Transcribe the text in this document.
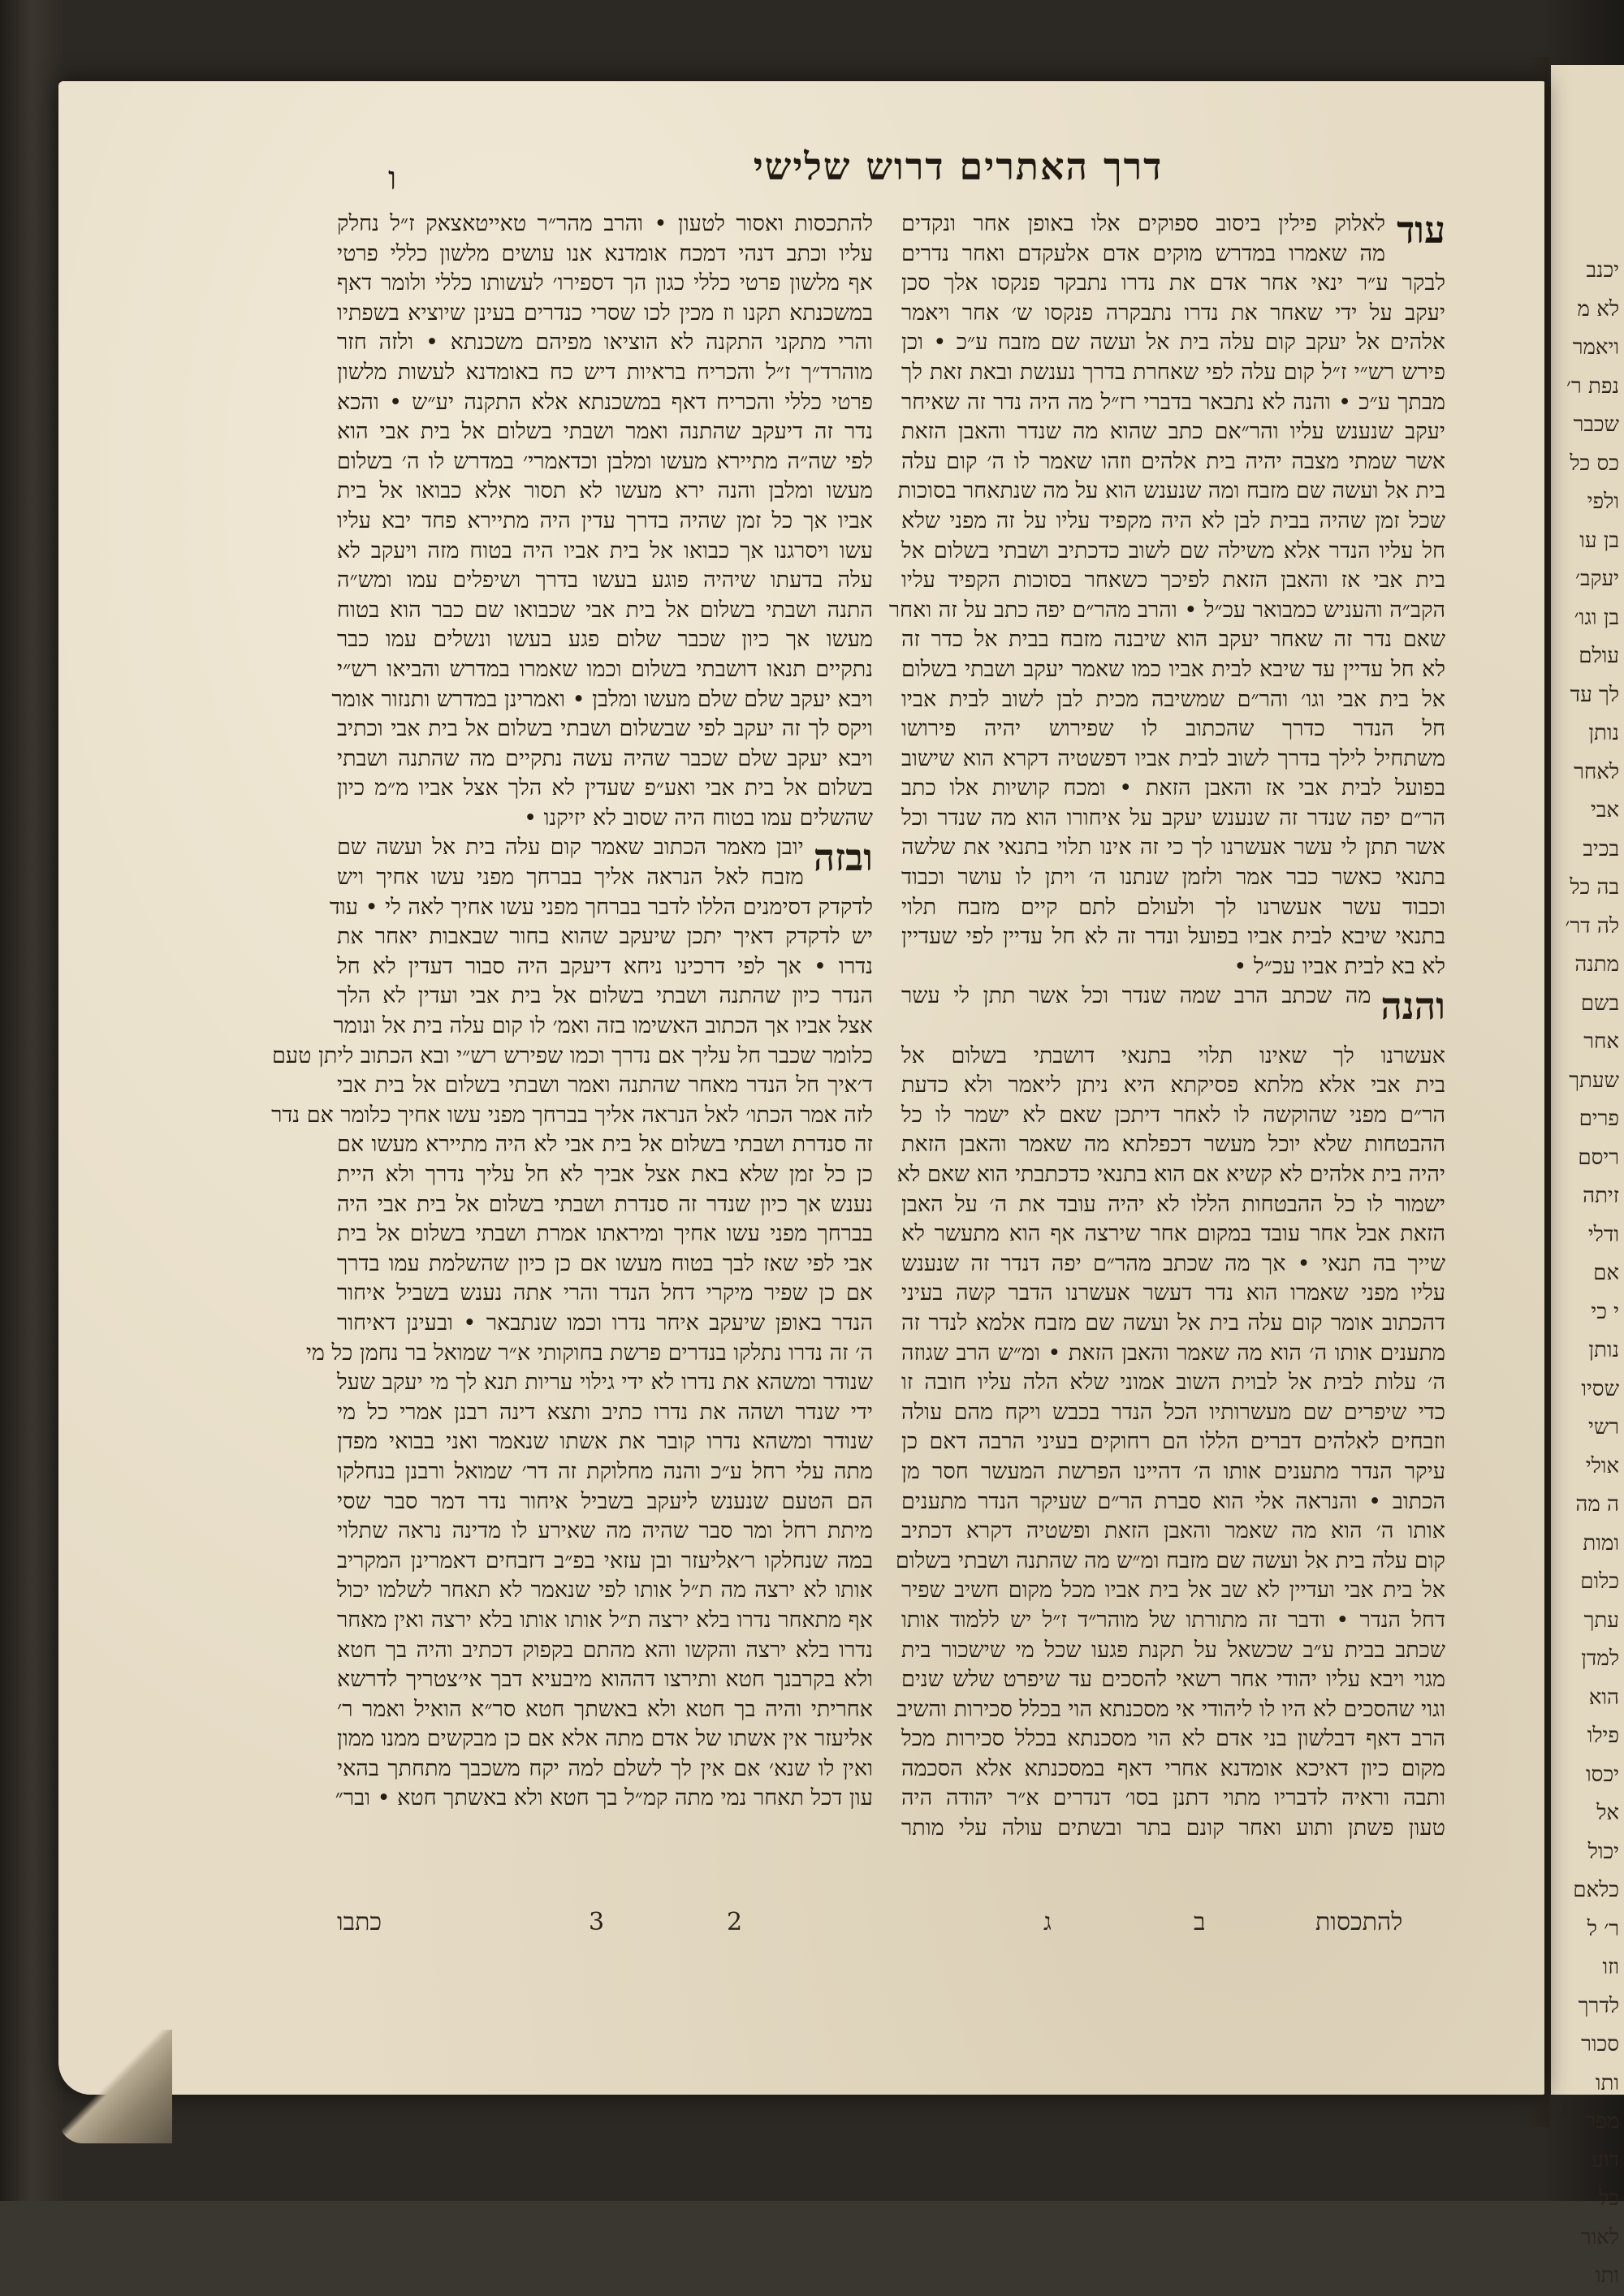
יכנב
לא מ
ויאמר
נפת ר׳
שכבר
כס כל
ולפי
בן עו
יעקב׳
בן וגו׳
עולם
לך עד
נותן
לאחר
אבי
בכיב
בה כל
לה דר׳
מתנה
בשם
אחר
שעתך
פרים
ריסם
זיתה
ודלי
אם
י כי
נותן
שסיו
רשי
אולי
ה מה
ומות
כלום
עתך
למדן
הוא
פילו
יכסו
אל
יכול
כלאם
ר׳ ל
וזו
לדרך
סכור
ותו
מפר
דוע
כל
לאור
ותו
דרך האתרים דרוש שלישי
ו
עוד
לאלוק פילין ביסוב ספוקים אלו באופן אחר ונקדים
מה שאמרו במדרש מוקים אדם אלעקדם ואחר נדרים
לבקר ע״ר ינאי אחר אדם את נדרו נתבקר פנקסו אלך סכן
יעקב על ידי שאחר את נדרו נתבקרה פנקסו ש׳ אחר ויאמר
אלהים אל יעקב קום עלה בית אל ועשה שם מזבח ע״כ • וכן
פירש רש״י ז״ל קום עלה לפי שאחרת בדרך נענשת ובאת זאת לך
מבתך ע״כ • והנה לא נתבאר בדברי רז״ל מה היה נדר זה שאיחר
יעקב שנענש עליו והר״אם כתב שהוא מה שנדר והאבן הזאת
אשר שמתי מצבה יהיה בית אלהים וזהו שאמר לו ה׳ קום עלה
בית אל ועשה שם מזבח ומה שנענש הוא על מה שנתאחר בסוכות
שכל זמן שהיה בבית לבן לא היה מקפיד עליו על זה מפני שלא
חל עליו הנדר אלא משילה שם לשוב כדכתיב ושבתי בשלום אל
בית אבי אז והאבן הזאת לפיכך כשאחר בסוכות הקפיד עליו
הקב״ה והעניש כמבואר עכ״ל • והרב מהר״ם יפה כתב על זה ואחר
שאם נדר זה שאחר יעקב הוא שיבנה מזבח בבית אל כדר זה
לא חל עדיין עד שיבא לבית אביו כמו שאמר יעקב ושבתי בשלום
אל בית אבי וגו׳ והר״ם שמשיבה מכית לבן לשוב לבית אביו
חל הנדר כדרך שהכתוב לו שפירוש יהיה פירושו
משתחיל לילך בדרך לשוב לבית אביו דפשטיה דקרא הוא שישוב
בפועל לבית אבי אז והאבן הזאת • ומכח קושיות אלו כתב
הר״ם יפה שנדר זה שנענש יעקב על איחורו הוא מה שנדר וכל
אשר תתן לי עשר אעשרנו לך כי זה אינו תלוי בתנאי את שלשה
בתנאי כאשר כבר אמר ולזמן שנתנו ה׳ ויתן לו עושר וכבוד
וכבוד עשר אעשרנו לך ולעולם לתם קיים מזבח תלוי
בתנאי שיבא לבית אביו בפועל ונדר זה לא חל עדיין לפי שעדיין
לא בא לבית אביו עכ״ל •
והנה
מה שכתב הרב שמה שנדר וכל אשר תתן לי עשר
אעשרנו לך שאינו תלוי בתנאי דושבתי בשלום אל
בית אבי אלא מלתא פסיקתא היא ניתן ליאמר ולא כדעת
הר״ם מפני שהוקשה לו לאחר דיתכן שאם לא ישמר לו כל
ההבטחות שלא יוכל מעשר דכפלתא מה שאמר והאבן הזאת
יהיה בית אלהים לא קשיא אם הוא בתנאי כדכתבתי הוא שאם לא
ישמור לו כל ההבטחות הללו לא יהיה עובד את ה׳ על האבן
הזאת אבל אחר עובד במקום אחר שירצה אף הוא מתעשר לא
שייך בה תנאי • אך מה שכתב מהר״ם יפה דנדר זה שנענש
עליו מפני שאמרו הוא נדר דעשר אעשרנו הדבר קשה בעיני
דהכתוב אומר קום עלה בית אל ועשה שם מזבח אלמא לנדר זה
מתענים אותו ה׳ הוא מה שאמר והאבן הזאת • ומ״ש הרב שגוזה
ה׳ עלות לבית אל לבוית השוב אמוני שלא הלה עליו חובה זו
כדי שיפרים שם מעשרותיו הכל הנדר בכבש ויקח מהם עולה
וזבחים לאלהים דברים הללו הם רחוקים בעיני הרבה דאם כן
עיקר הנדר מתענים אותו ה׳ דהיינו הפרשת המעשר חסר מן
הכתוב • והנראה אלי הוא סברת הר״ם שעיקר הנדר מתענים
אותו ה׳ הוא מה שאמר והאבן הזאת ופשטיה דקרא דכתיב
קום עלה בית אל ועשה שם מזבח ומ״ש מה שהתנה ושבתי בשלום
אל בית אבי ועדיין לא שב אל בית אביו מכל מקום חשיב שפיר
דחל הנדר • ודבר זה מתורתו של מוהר״ד ז״ל יש ללמוד אותו
שכתב בבית ע״ב שכשאל על תקנת פגעו שכל מי שישכור בית
מגוי ויבא עליו יהודי אחר רשאי להסכים עד שיפרט שלש שנים
וגוי שהסכים לא היו לו ליהודי אי מסכנתא הוי בכלל סכירות והשיב
הרב דאף דבלשון בני אדם לא הוי מסכנתא בכלל סכירות מכל
מקום כיון דאיכא אומדנא אחרי דאף במסכנתא אלא הסכמה
ותבה וראיה לדבריו מתוי דתנן בסו׳ דנדרים א״ר יהודה היה
טעון פשתן ותוע ואחר קונם בתר ובשתים עולה עלי מותר
להתכסות ואסור לטעון • והרב מהר״ר טאייטאצאק ז״ל נחלק
עליו וכתב דנהי דמכח אומדנא אנו עושים מלשון כללי פרטי
אף מלשון פרטי כללי כגון הך דספירו׳ לעשותו כללי ולומר דאף
במשכנתא תקנו וז מכין לכו שסרי כנדרים בעינן שיוציא בשפתיו
והרי מתקני התקנה לא הוציאו מפיהם משכנתא • ולזה חזר
מוהרד״ך ז״ל והכריח בראיות דיש כח באומדנא לעשות מלשון
פרטי כללי והכריח דאף במשכנתא אלא התקנה יע״ש • והכא
נדר זה דיעקב שהתנה ואמר ושבתי בשלום אל בית אבי הוא
לפי שה״ה מתיירא מעשו ומלבן וכדאמרי׳ במדרש לו ה׳ בשלום
מעשו ומלבן והנה ירא מעשו לא תסור אלא כבואו אל בית
אביו אך כל זמן שהיה בדרך עדין היה מתיירא פחד יבא עליו
עשו ויסרגנו אך כבואו אל בית אביו היה בטוח מזה ויעקב לא
עלה בדעתו שיהיה פוגע בעשו בדרך ושיפלים עמו ומש״ה
התנה ושבתי בשלום אל בית אבי שכבואו שם כבר הוא בטוח
מעשו אך כיון שכבר שלום פגע בעשו ונשלים עמו כבר
נתקיים תנאו דושבתי בשלום וכמו שאמרו במדרש והביאו רש״י
ויבא יעקב שלם שלם מעשו ומלבן • ואמרינן במדרש ותנזור אומר
ויקס לך זה יעקב לפי שבשלום ושבתי בשלום אל בית אבי וכתיב
ויבא יעקב שלם שכבר שהיה עשה נתקיים מה שהתנה ושבתי
בשלום אל בית אבי ואע״פ שעדין לא הלך אצל אביו מ״מ כיון
שהשלים עמו בטוח היה שסוב לא יזיקנו •
ובזה
יובן מאמר הכתוב שאמר קום עלה בית אל ועשה שם
מזבח לאל הנראה אליך בברחך מפני עשו אחיך ויש
לדקדק דסימנים הללו לדבר בברחך מפני עשו אחיך לאה לי • עוד
יש לדקדק דאיך יתכן שיעקב שהוא בחור שבאבות יאחר את
נדרו • אך לפי דרכינו ניחא דיעקב היה סבור דעדין לא חל
הנדר כיון שהתנה ושבתי בשלום אל בית אבי ועדין לא הלך
אצל אביו אך הכתוב האשימו בזה ואמ׳ לו קום עלה בית אל ונומר
כלומר שכבר חל עליך אם נדרך וכמו שפירש רש״י ובא הכתוב ליתן טעם
ד׳איך חל הנדר מאחר שהתנה ואמר ושבתי בשלום אל בית אבי
לזה אמר הכתו׳ לאל הנראה אליך בברחך מפני עשו אחיך כלומר אם נדר
זה סנדרת ושבתי בשלום אל בית אבי לא היה מתיירא מעשו אם
כן כל זמן שלא באת אצל אביך לא חל עליך נדרך ולא היית
נענש אך כיון שנדר זה סנדרת ושבתי בשלום אל בית אבי היה
בברחך מפני עשו אחיך ומיראתו אמרת ושבתי בשלום אל בית
אבי לפי שאז לבך בטוח מעשו אם כן כיון שהשלמת עמו בדרך
אם כן שפיר מיקרי דחל הנדר והרי אתה נענש בשביל איחור
הנדר באופן שיעקב איחר נדרו וכמו שנתבאר • ובעינן דאיחור
ה׳ זה נדרו נתלקו בנדרים פרשת בחוקותי א״ר שמואל בר נחמן כל מי
שנודר ומשהא את נדרו לא ידי גילוי עריות תנא לך מי יעקב שעל
ידי שנדר ושהה את נדרו כתיב ותצא דינה רבנן אמרי כל מי
שנודר ומשהא נדרו קובר את אשתו שנאמר ואני בבואי מפדן
מתה עלי רחל ע״כ והנה מחלוקת זה דר׳ שמואל ורבנן בנחלקו
הם הטעם שנענש ליעקב בשביל איחור נדר דמר סבר שסי
מיתת רחל ומר סבר שהיה מה שאירע לו מדינה נראה שתלוי
במה שנחלקו ר׳אליעזר ובן עזאי בפ״ב דזבחים דאמרינן המקריב
אותו לא ירצה מה ת״ל אותו לפי שנאמר לא תאחר לשלמו יכול
אף מתאחר נדרו בלא ירצה ת״ל אותו אותו בלא ירצה ואין מאחר
נדרו בלא ירצה והקשו והא מהתם בקפוק דכתיב והיה בך חטא
ולא בקרבנך חטא ותירצו דההוא מיבעיא דבך אי׳צטריך לדרשא
אחריתי והיה בך חטא ולא באשתך חטא סר״א הואיל ואמר ר׳
אליעזר אין אשתו של אדם מתה אלא אם כן מבקשים ממנו ממון
ואין לו שנא׳ אם אין לך לשלם למה יקח משכבך מתחתך בהאי
עון דכל תאחר נמי מתה קמ״ל בך חטא ולא באשתך חטא • ובר״
כתבו	3	2	ג	ב	להתכסות
